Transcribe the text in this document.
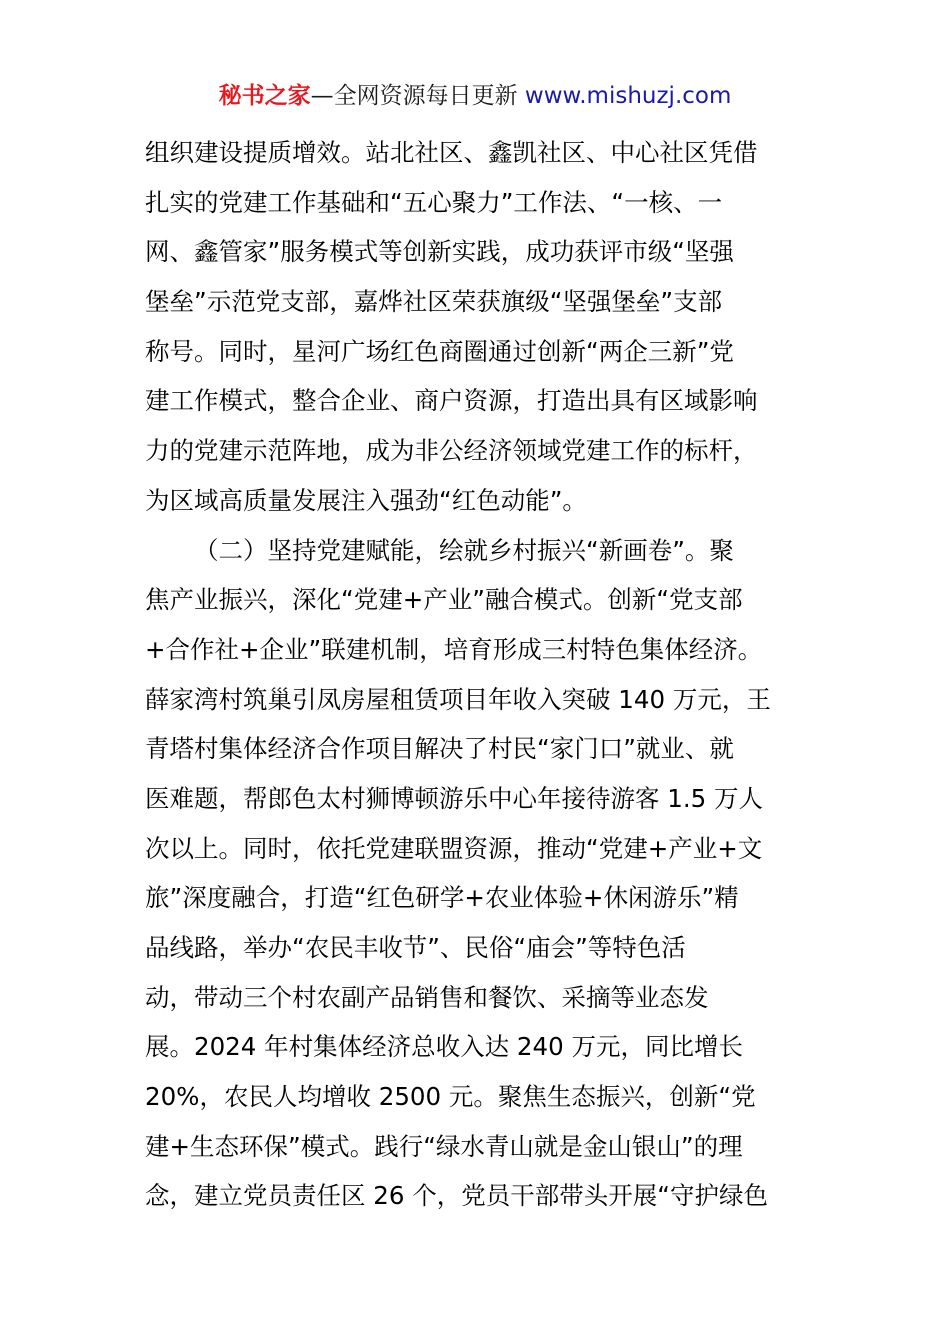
秘书之家—全网资源每日更新 www.mishuzj.com
组织建设提质增效。站北社区、鑫凯社区、中心社区凭借
扎实的党建工作基础和“五心聚力”工作法、“一核、一
网、鑫管家”服务模式等创新实践，成功获评市级“坚强
堡垒”示范党支部，嘉烨社区荣获旗级“坚强堡垒”支部
称号。同时，星河广场红色商圈通过创新“两企三新”党
建工作模式，整合企业、商户资源，打造出具有区域影响
力的党建示范阵地，成为非公经济领域党建工作的标杆，
为区域高质量发展注入强劲“红色动能”。
（二）坚持党建赋能，绘就乡村振兴“新画卷”。聚
焦产业振兴，深化“党建+产业”融合模式。创新“党支部
+合作社+企业”联建机制，培育形成三村特色集体经济。
薛家湾村筑巢引凤房屋租赁项目年收入突破 140 万元，王
青塔村集体经济合作项目解决了村民“家门口”就业、就
医难题，帮郎色太村狮博顿游乐中心年接待游客 1.5 万人
次以上。同时，依托党建联盟资源，推动“党建+产业+文
旅”深度融合，打造“红色研学+农业体验+休闲游乐”精
品线路，举办“农民丰收节”、民俗“庙会”等特色活
动，带动三个村农副产品销售和餐饮、采摘等业态发
展。2024 年村集体经济总收入达 240 万元，同比增长
20%，农民人均增收 2500 元。聚焦生态振兴，创新“党
建+生态环保”模式。践行“绿水青山就是金山银山”的理
念，建立党员责任区 26 个，党员干部带头开展“守护绿色
